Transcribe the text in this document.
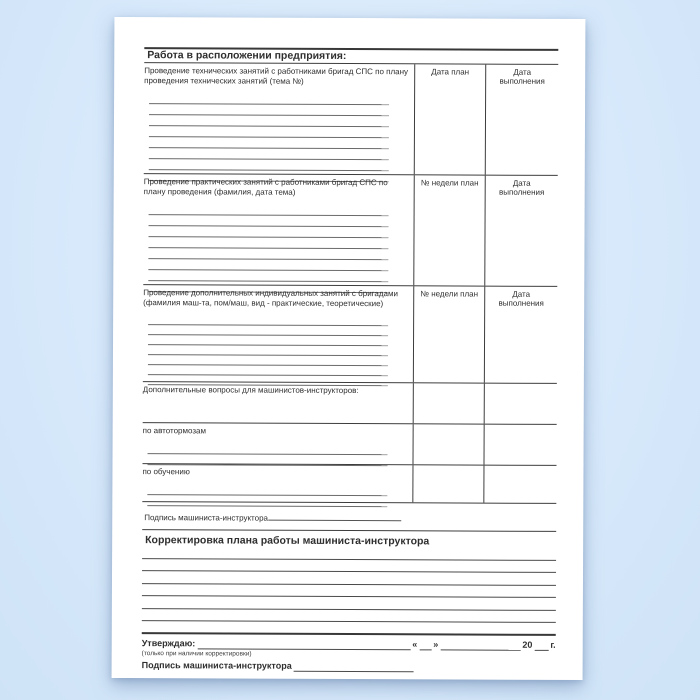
Работа в расположении предприятия:

Проведение технических занятий с работниками бригад СПС по плану проведения технических занятий (тема №)

Дата план	Дата выполнения

Проведение практических занятий с работниками бригад СПС по плану проведения (фамилия, дата тема)

№ недели план	Дата выполнения

Проведение дополнительных индивидуальных занятий с бригадами (фамилия маш-та, пом/маш, вид - практические, теоретические)

№ недели план	Дата выполнения

Дополнительные вопросы для машинистов-инструкторов:

по автотормозам

по обучению

Подпись машиниста-инструктора
Корректировка плана работы машиниста-инструктора
Утверждаю:	« »	20 г.
(только при наличии корректировки)
Подпись машиниста-инструктора
